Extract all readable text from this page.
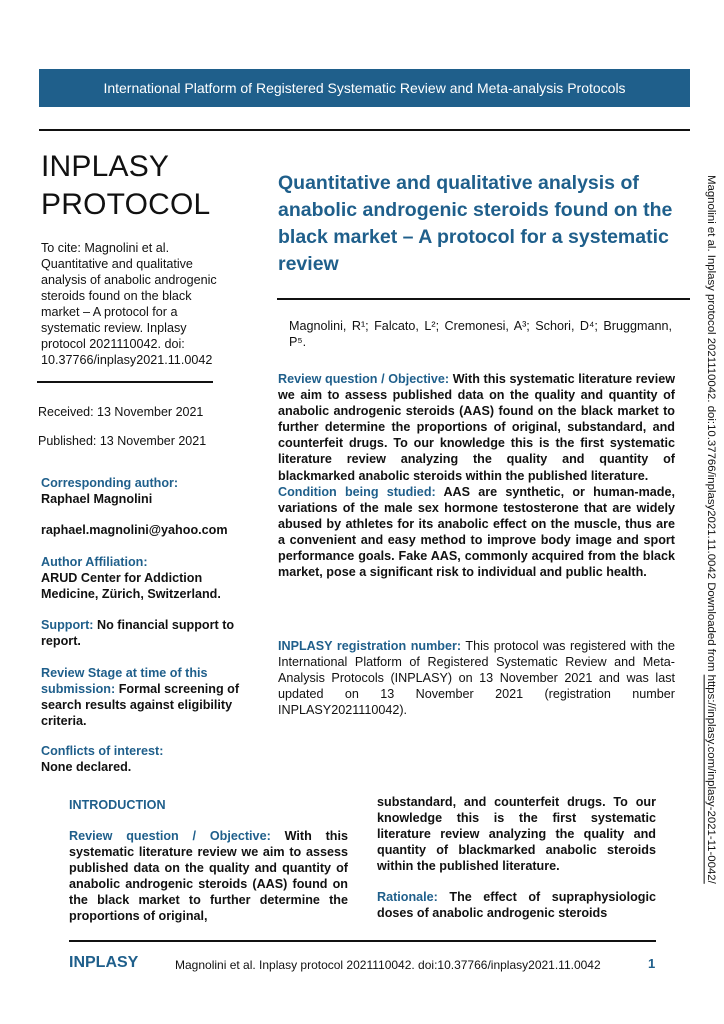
International Platform of Registered Systematic Review and Meta-analysis Protocols
INPLASY PROTOCOL
To cite: Magnolini et al. Quantitative and qualitative analysis of anabolic androgenic steroids found on the black market – A protocol for a systematic review. Inplasy protocol 2021110042. doi: 10.37766/inplasy2021.11.0042
Received: 13 November 2021
Published: 13 November 2021
Corresponding author:
Raphael Magnolini
raphael.magnolini@yahoo.com
Author Affiliation:
ARUD Center for Addiction Medicine, Zürich, Switzerland.
Support: No financial support to report.
Review Stage at time of this submission: Formal screening of search results against eligibility criteria.
Conflicts of interest:
None declared.
Quantitative and qualitative analysis of anabolic androgenic steroids found on the black market – A protocol for a systematic review
Magnolini, R¹; Falcato, L²; Cremonesi, A³; Schori, D⁴; Bruggmann, P⁵.
Review question / Objective: With this systematic literature review we aim to assess published data on the quality and quantity of anabolic androgenic steroids (AAS) found on the black market to further determine the proportions of original, substandard, and counterfeit drugs. To our knowledge this is the first systematic literature review analyzing the quality and quantity of blackmarked anabolic steroids within the published literature.
Condition being studied: AAS are synthetic, or human-made, variations of the male sex hormone testosterone that are widely abused by athletes for its anabolic effect on the muscle, thus are a convenient and easy method to improve body image and sport performance goals. Fake AAS, commonly acquired from the black market, pose a significant risk to individual and public health.
INPLASY registration number: This protocol was registered with the International Platform of Registered Systematic Review and Meta-Analysis Protocols (INPLASY) on 13 November 2021 and was last updated on 13 November 2021 (registration number INPLASY2021110042).
INTRODUCTION
Review question / Objective: With this systematic literature review we aim to assess published data on the quality and quantity of anabolic androgenic steroids (AAS) found on the black market to further determine the proportions of original,
substandard, and counterfeit drugs. To our knowledge this is the first systematic literature review analyzing the quality and quantity of blackmarked anabolic steroids within the published literature.
Rationale: The effect of supraphysiologic doses of anabolic androgenic steroids
INPLASY	Magnolini et al. Inplasy protocol 2021110042. doi:10.37766/inplasy2021.11.0042	1
Magnolini et al. Inplasy protocol 2021110042. doi:10.37766/inplasy2021.11.0042 Downloaded from https://inplasy.com/inplasy-2021-11-0042/
